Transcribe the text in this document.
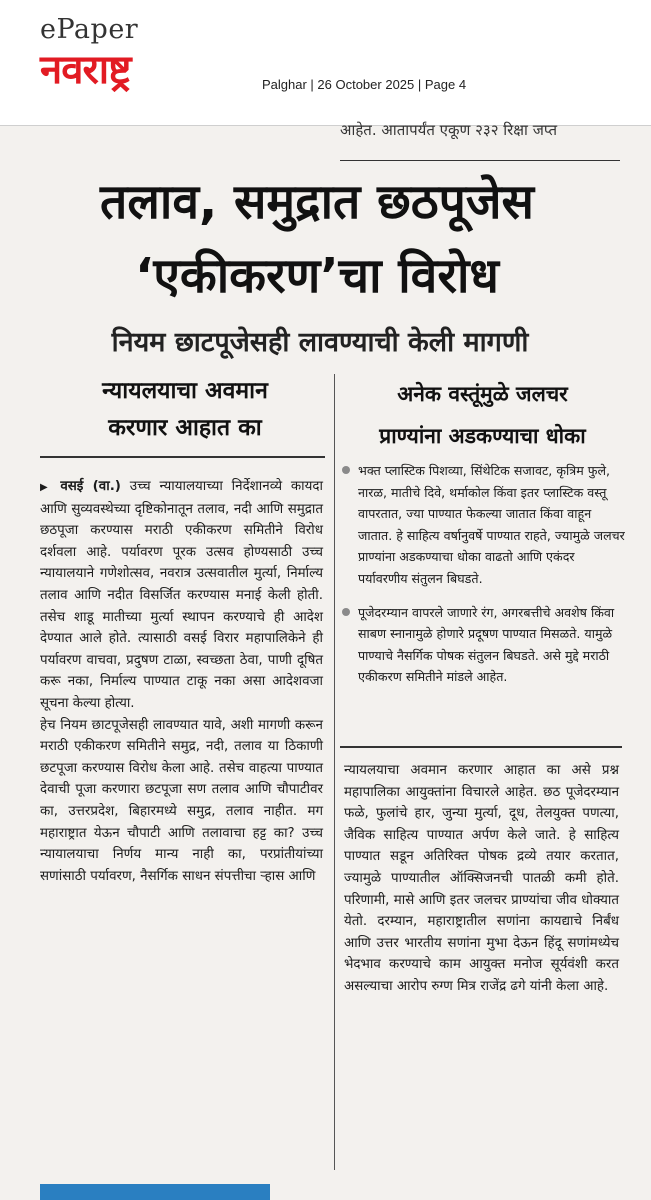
ePaper
नवराष्ट्र	Palghar | 26 October 2025 | Page 4
आहेत. आतापर्यंत एकूण २३२ रिक्षा जप्त
तलाव, समुद्रात छठपूजेस
‘एकीकरण’चा विरोध
नियम छाटपूजेसही लावण्याची केली मागणी
न्यायलयाचा अवमान
करणार आहात का
अनेक वस्तूंमुळे जलचर
प्राण्यांना अडकण्याचा धोका

▶ वसई (वा.) उच्च न्यायालयाच्या निर्देशानव्ये कायदा आणि सुव्यवस्थेच्या दृष्टिकोनातून तलाव, नदी आणि समुद्रात छठपूजा करण्यास मराठी एकीकरण समितीने विरोध दर्शवला आहे. पर्यावरण पूरक उत्सव होण्यसाठी उच्च न्यायालयाने गणेशोत्सव, नवरात्र उत्सवातील मुर्त्या, निर्माल्य तलाव आणि नदीत विसर्जित करण्यास मनाई केली होती. तसेच शाडू मातीच्या मुर्त्या स्थापन करण्याचे ही आदेश देण्यात आले होते. त्यासाठी वसई विरार महापालिकेने ही पर्यावरण वाचवा, प्रदुषण टाळा, स्वच्छता ठेवा, पाणी दूषित करू नका, निर्माल्य पाण्यात टाकू नका असा आदेशवजा सूचना केल्या होत्या.

हेच नियम छाटपूजेसही लावण्यात यावे, अशी मागणी करून मराठी एकीकरण समितीने समुद्र, नदी, तलाव या ठिकाणी छटपूजा करण्यास विरोध केला आहे. तसेच वाहत्या पाण्यात देवाची पूजा करणारा छटपूजा सण तलाव आणि चौपाटीवर का, उत्तरप्रदेश, बिहारमध्ये समुद्र, तलाव नाहीत. मग महाराष्ट्रात येऊन चौपाटी आणि तलावाचा हट्ट का? उच्च न्यायालयाचा निर्णय मान्य नाही का, परप्रांतीयांच्या सणांसाठी पर्यावरण, नैसर्गिक साधन संपत्तीचा ऱ्हास आणि

भक्त प्लास्टिक पिशव्या, सिंथेटिक सजावट, कृत्रिम फुले, नारळ, मातीचे दिवे, थर्माकोल किंवा इतर प्लास्टिक वस्तू वापरतात, ज्या पाण्यात फेकल्या जातात किंवा वाहून जातात. हे साहित्य वर्षानुवर्षे पाण्यात राहते, ज्यामुळे जलचर प्राण्यांना अडकण्याचा धोका वाढतो आणि एकंदर पर्यावरणीय संतुलन बिघडते.
पूजेदरम्यान वापरले जाणारे रंग, अगरबत्तीचे अवशेष किंवा साबण स्नानामुळे होणारे प्रदूषण पाण्यात मिसळते. यामुळे पाण्याचे नैसर्गिक पोषक संतुलन बिघडते. असे मुद्दे मराठी एकीकरण समितीने मांडले आहेत.

न्यायलयाचा अवमान करणार आहात का असे प्रश्न महापालिका आयुक्तांना विचारले आहेत. छठ पूजेदरम्यान फळे, फुलांचे हार, जुन्या मुर्त्या, दूध, तेलयुक्त पणत्या, जैविक साहित्य पाण्यात अर्पण केले जाते. हे साहित्य पाण्यात सडून अतिरिक्त पोषक द्रव्ये तयार करतात, ज्यामुळे पाण्यातील ऑक्सिजनची पातळी कमी होते. परिणामी, मासे आणि इतर जलचर प्राण्यांचा जीव धोक्यात येतो. दरम्यान, महाराष्ट्रातील सणांना कायद्याचे निर्बंध आणि उत्तर भारतीय सणांना मुभा देऊन हिंदू सणांमध्येच भेदभाव करण्याचे काम आयुक्त मनोज सूर्यवंशी करत असल्याचा आरोप रुग्ण मित्र राजेंद्र ढगे यांनी केला आहे.
